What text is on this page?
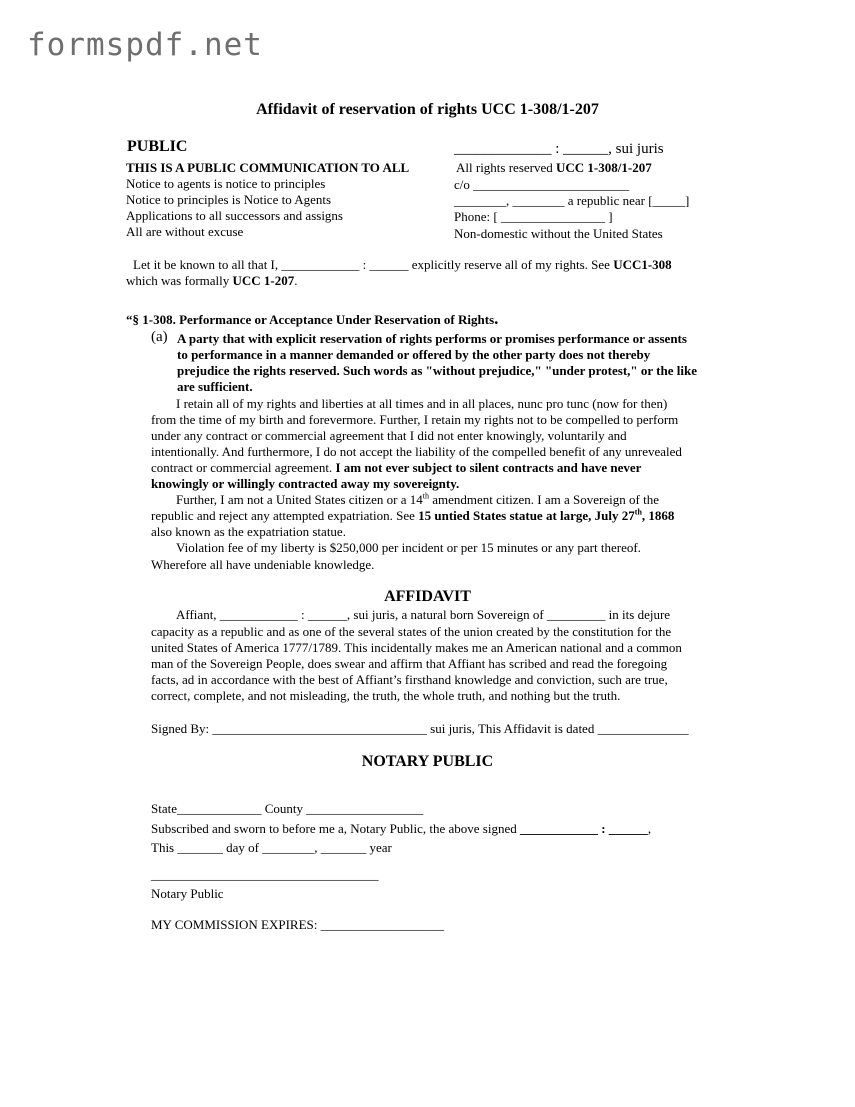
formspdf.net
Affidavit of reservation of rights UCC 1-308/1-207
PUBLIC
THIS IS A PUBLIC COMMUNICATION TO ALL
Notice to agents is notice to principles
Notice to principles is Notice to Agents
Applications to all successors and assigns
All are without excuse
_____________ : ______, sui juris
All rights reserved UCC 1-308/1-207
c/o ________________________
________, ________ a republic near [_____]
Phone: [ ________________ ]
Non-domestic without the United States
Let it be known to all that I, ____________ : ______ explicitly reserve all of my rights. See UCC1-308
which was formally UCC 1-207.
“§ 1-308. Performance or Acceptance Under Reservation of Rights.
(a) A party that with explicit reservation of rights performs or promises performance or assents
to performance in a manner demanded or offered by the other party does not thereby
prejudice the rights reserved. Such words as "without prejudice," "under protest," or the like
are sufficient.
I retain all of my rights and liberties at all times and in all places, nunc pro tunc (now for then)
from the time of my birth and forevermore. Further, I retain my rights not to be compelled to perform
under any contract or commercial agreement that I did not enter knowingly, voluntarily and
intentionally. And furthermore, I do not accept the liability of the compelled benefit of any unrevealed
contract or commercial agreement. I am not ever subject to silent contracts and have never
knowingly or willingly contracted away my sovereignty.
Further, I am not a United States citizen or a 14th amendment citizen. I am a Sovereign of the
republic and reject any attempted expatriation. See 15 untied States statue at large, July 27th, 1868
also known as the expatriation statue.
Violation fee of my liberty is $250,000 per incident or per 15 minutes or any part thereof.
Wherefore all have undeniable knowledge.
AFFIDAVIT
Affiant, ____________ : ______, sui juris, a natural born Sovereign of _________ in its dejure
capacity as a republic and as one of the several states of the union created by the constitution for the
united States of America 1777/1789. This incidentally makes me an American national and a common
man of the Sovereign People, does swear and affirm that Affiant has scribed and read the foregoing
facts, ad in accordance with the best of Affiant’s firsthand knowledge and conviction, such are true,
correct, complete, and not misleading, the truth, the whole truth, and nothing but the truth.
Signed By: _________________________________ sui juris, This Affidavit is dated ______________
NOTARY PUBLIC
State_____________ County __________________
Subscribed and sworn to before me a, Notary Public, the above signed ____________ : ______,
This _______ day of ________, _______ year
___________________________________
Notary Public
MY COMMISSION EXPIRES: ___________________
